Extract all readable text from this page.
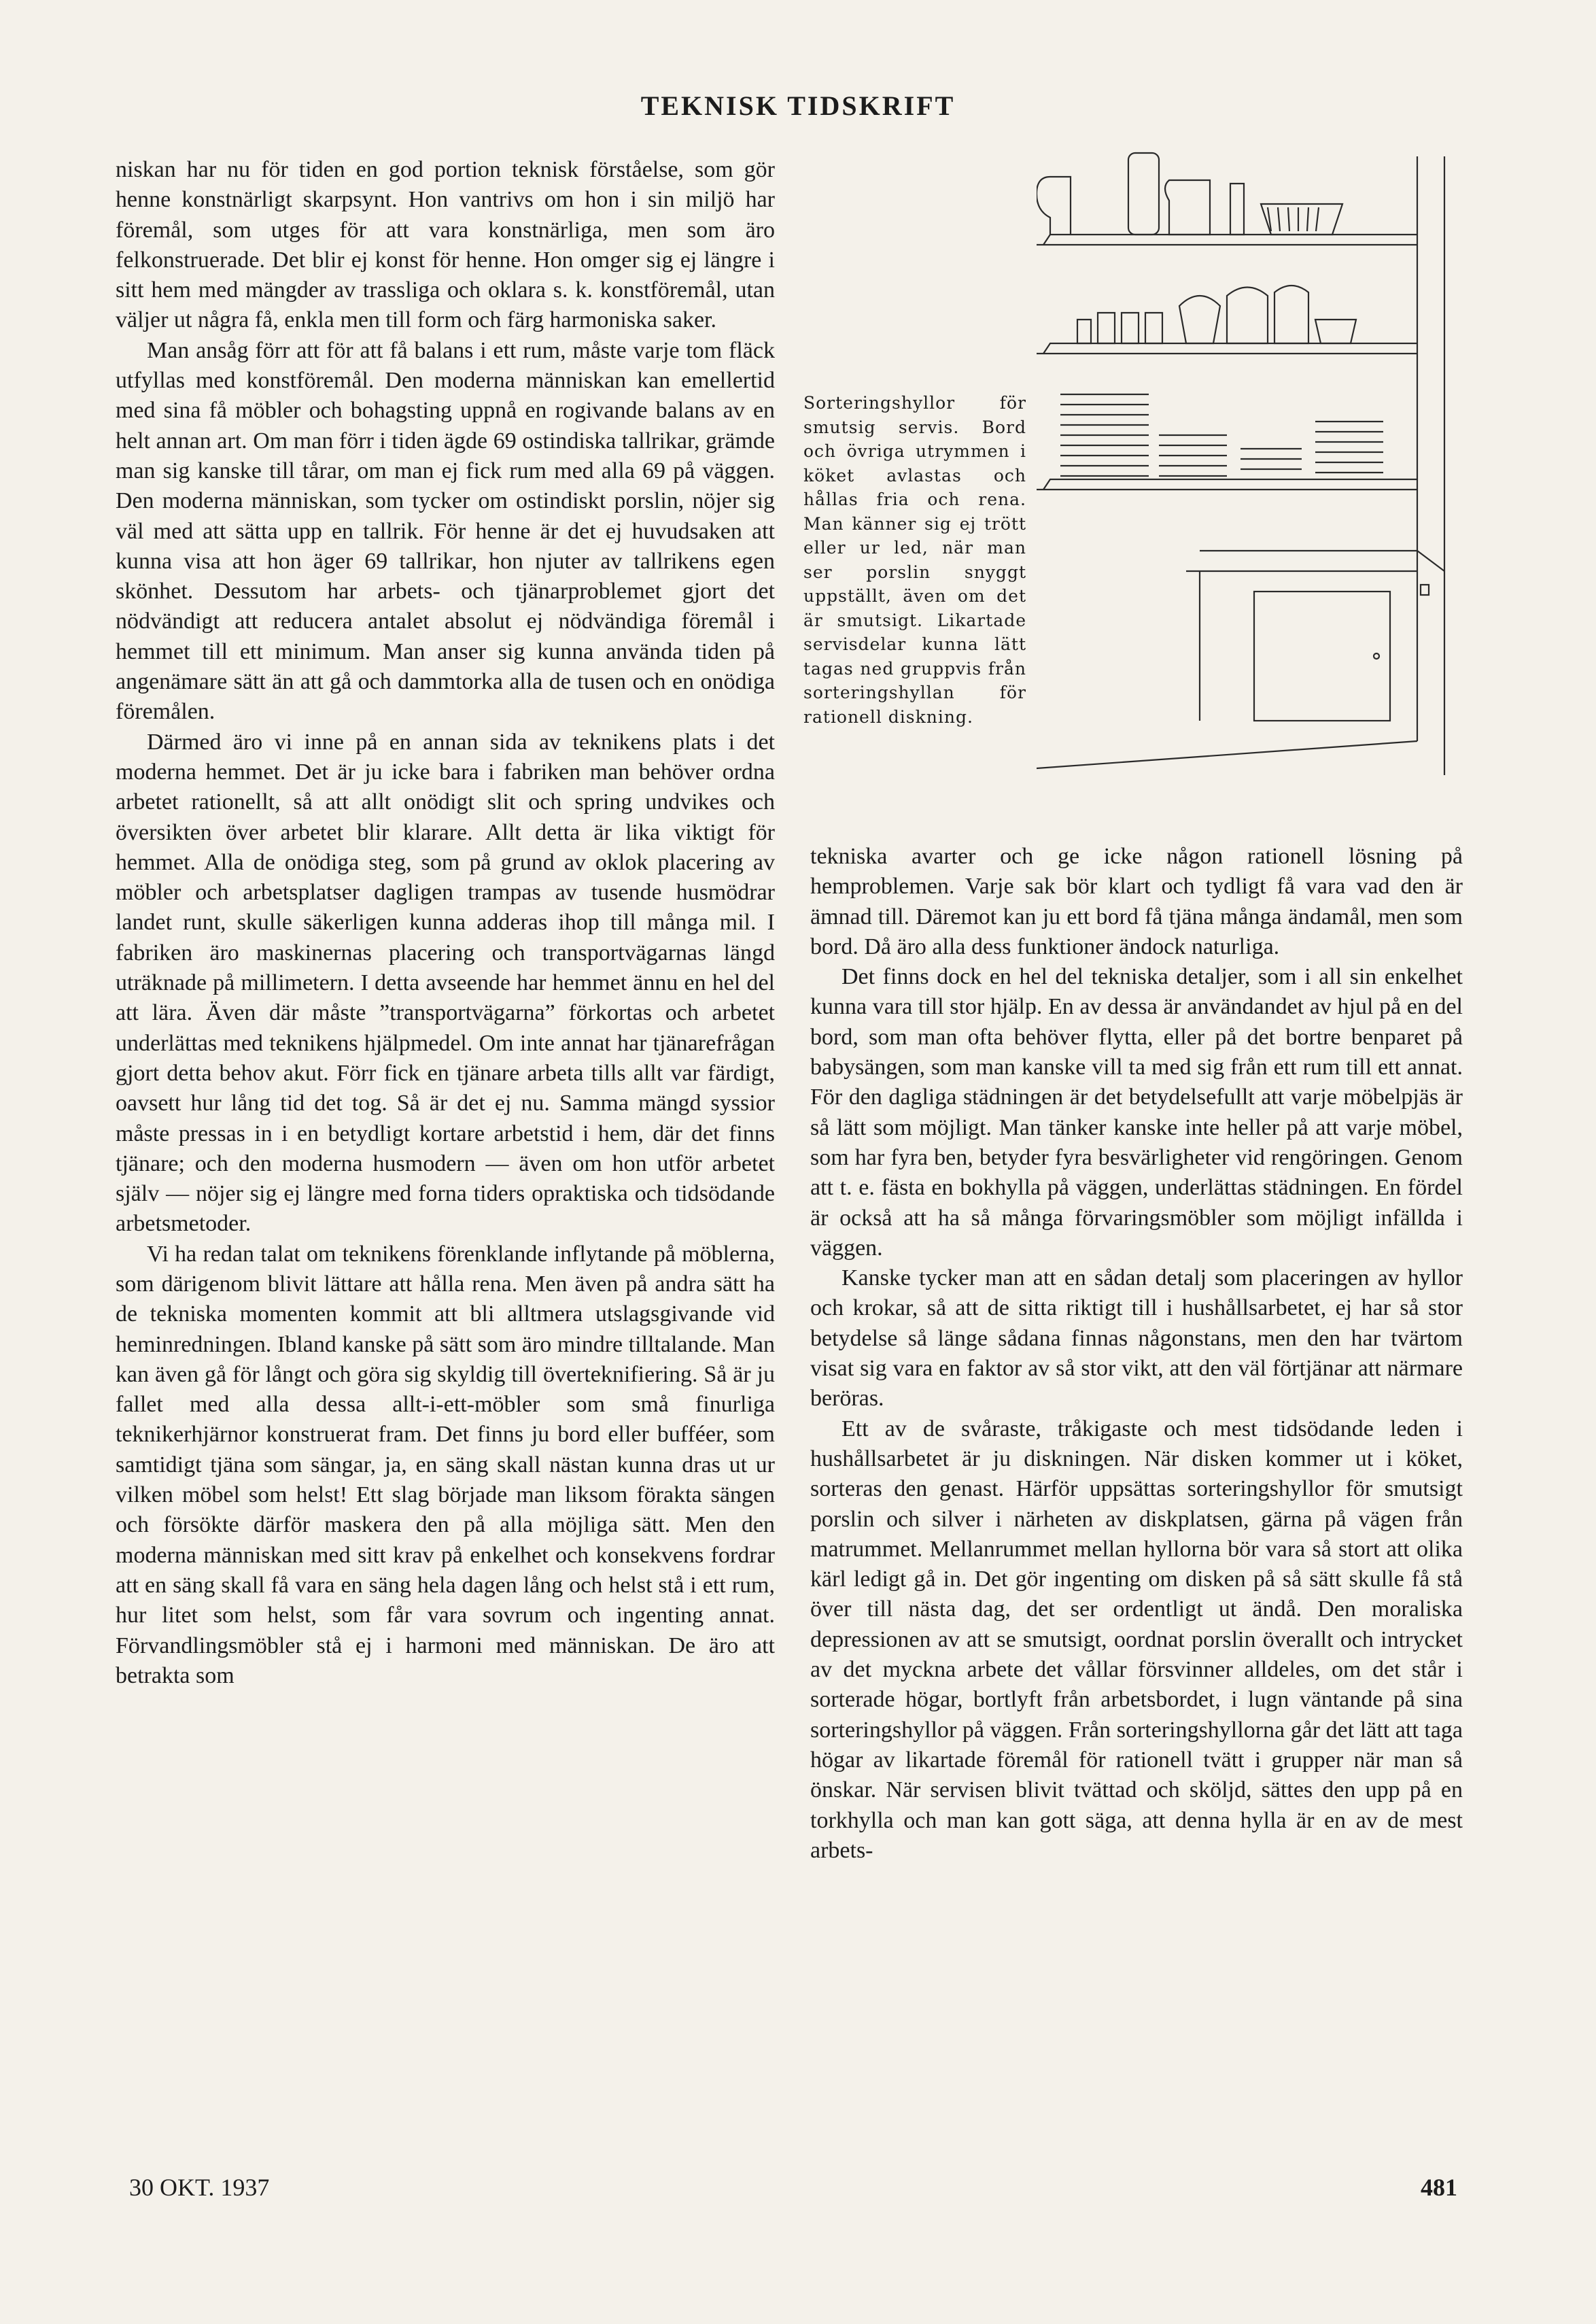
TEKNISK TIDSKRIFT

niskan har nu för tiden en god portion teknisk förståelse, som gör henne konstnärligt skarpsynt. Hon vantrivs om hon i sin miljö har föremål, som utges för att vara konstnärliga, men som äro felkonstruerade. Det blir ej konst för henne. Hon omger sig ej längre i sitt hem med mängder av trassliga och oklara s. k. konstföremål, utan väljer ut några få, enkla men till form och färg harmoniska saker.

Man ansåg förr att för att få balans i ett rum, måste varje tom fläck utfyllas med konstföremål. Den moderna människan kan emellertid med sina få möbler och bohagsting uppnå en rogivande balans av en helt annan art. Om man förr i tiden ägde 69 ostindiska tallrikar, grämde man sig kanske till tårar, om man ej fick rum med alla 69 på väggen. Den moderna människan, som tycker om ostindiskt porslin, nöjer sig väl med att sätta upp en tallrik. För henne är det ej huvudsaken att kunna visa att hon äger 69 tallrikar, hon njuter av tallrikens egen skönhet. Dessutom har arbets- och tjänarproblemet gjort det nödvändigt att reducera antalet absolut ej nödvändiga föremål i hemmet till ett minimum. Man anser sig kunna använda tiden på angenämare sätt än att gå och dammtorka alla de tusen och en onödiga föremålen.

Därmed äro vi inne på en annan sida av teknikens plats i det moderna hemmet. Det är ju icke bara i fabriken man behöver ordna arbetet rationellt, så att allt onödigt slit och spring undvikes och översikten över arbetet blir klarare. Allt detta är lika viktigt för hemmet. Alla de onödiga steg, som på grund av oklok placering av möbler och arbetsplatser dagligen trampas av tusende husmödrar landet runt, skulle säkerligen kunna adderas ihop till många mil. I fabriken äro maskinernas placering och transportvägarnas längd uträknade på millimetern. I detta avseende har hemmet ännu en hel del att lära. Även där måste ”transportvägarna” förkortas och arbetet underlättas med teknikens hjälpmedel. Om inte annat har tjänarefrågan gjort detta behov akut. Förr fick en tjänare arbeta tills allt var färdigt, oavsett hur lång tid det tog. Så är det ej nu. Samma mängd syssior måste pressas in i en betydligt kortare arbetstid i hem, där det finns tjänare; och den moderna husmodern — även om hon utför arbetet själv — nöjer sig ej längre med forna tiders opraktiska och tidsödande arbetsmetoder.

Vi ha redan talat om teknikens förenklande inflytande på möblerna, som därigenom blivit lättare att hålla rena. Men även på andra sätt ha de tekniska momenten kommit att bli alltmera utslagsgivande vid heminredningen. Ibland kanske på sätt som äro mindre tilltalande. Man kan även gå för långt och göra sig skyldig till överteknifiering. Så är ju fallet med alla dessa allt-i-ett-möbler som små finurliga teknikerhjärnor konstruerat fram. Det finns ju bord eller bufféer, som samtidigt tjäna som sängar, ja, en säng skall nästan kunna dras ut ur vilken möbel som helst! Ett slag började man liksom förakta sängen och försökte därför maskera den på alla möjliga sätt. Men den moderna människan med sitt krav på enkelhet och konsekvens fordrar att en säng skall få vara en säng hela dagen lång och helst stå i ett rum, hur litet som helst, som får vara sovrum och ingenting annat. Förvandlingsmöbler stå ej i harmoni med människan. De äro att betrakta som

Sorteringshyllor för smutsig servis. Bord och övriga utrymmen i köket avlastas och hållas fria och rena. Man känner sig ej trött eller ur led, när man ser porslin snyggt uppställt, även om det är smutsigt. Likartade servisdelar kunna lätt tagas ned gruppvis från sorteringshyllan för rationell diskning.

tekniska avarter och ge icke någon rationell lösning på hemproblemen. Varje sak bör klart och tydligt få vara vad den är ämnad till. Däremot kan ju ett bord få tjäna många ändamål, men som bord. Då äro alla dess funktioner ändock naturliga.

Det finns dock en hel del tekniska detaljer, som i all sin enkelhet kunna vara till stor hjälp. En av dessa är användandet av hjul på en del bord, som man ofta behöver flytta, eller på det bortre benparet på babysängen, som man kanske vill ta med sig från ett rum till ett annat. För den dagliga städningen är det betydelsefullt att varje möbelpjäs är så lätt som möjligt. Man tänker kanske inte heller på att varje möbel, som har fyra ben, betyder fyra besvärligheter vid rengöringen. Genom att t. e. fästa en bokhylla på väggen, underlättas städningen. En fördel är också att ha så många förvaringsmöbler som möjligt infällda i väggen.

Kanske tycker man att en sådan detalj som placeringen av hyllor och krokar, så att de sitta riktigt till i hushållsarbetet, ej har så stor betydelse så länge sådana finnas någonstans, men den har tvärtom visat sig vara en faktor av så stor vikt, att den väl förtjänar att närmare beröras.

Ett av de svåraste, tråkigaste och mest tidsödande leden i hushållsarbetet är ju diskningen. När disken kommer ut i köket, sorteras den genast. Härför uppsättas sorteringshyllor för smutsigt porslin och silver i närheten av diskplatsen, gärna på vägen från matrummet. Mellanrummet mellan hyllorna bör vara så stort att olika kärl ledigt gå in. Det gör ingenting om disken på så sätt skulle få stå över till nästa dag, det ser ordentligt ut ändå. Den moraliska depressionen av att se smutsigt, oordnat porslin överallt och intrycket av det myckna arbete det vållar försvinner alldeles, om det står i sorterade högar, bortlyft från arbetsbordet, i lugn väntande på sina sorteringshyllor på väggen. Från sorteringshyllorna går det lätt att taga högar av likartade föremål för rationell tvätt i grupper när man så önskar. När servisen blivit tvättad och sköljd, sättes den upp på en torkhylla och man kan gott säga, att denna hylla är en av de mest arbets-

30 OKT. 1937	481
